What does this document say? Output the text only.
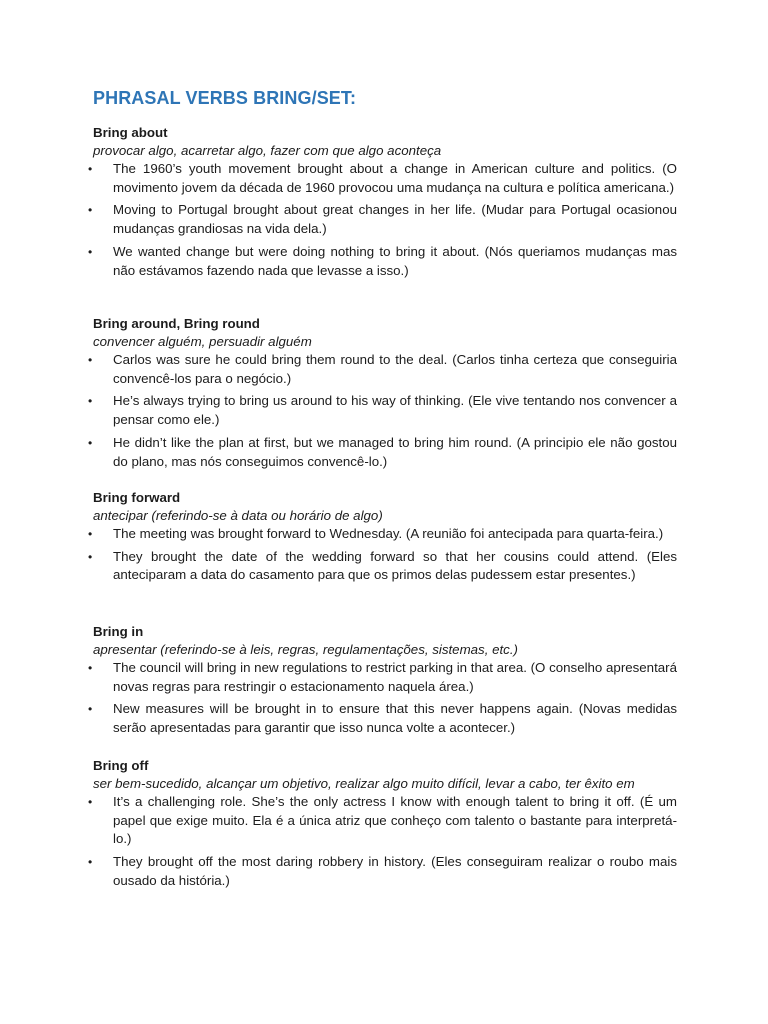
PHRASAL VERBS BRING/SET:

Bring about

provocar algo, acarretar algo, fazer com que algo aconteça

• The 1960’s youth movement brought about a change in American culture and politics. (O movimento jovem da década de 1960 provocou uma mudança na cultura e política americana.)
• Moving to Portugal brought about great changes in her life. (Mudar para Portugal ocasionou mudanças grandiosas na vida dela.)
• We wanted change but were doing nothing to bring it about. (Nós queriamos mudanças mas não estávamos fazendo nada que levasse a isso.)

Bring around, Bring round

convencer alguém, persuadir alguém

• Carlos was sure he could bring them round to the deal. (Carlos tinha certeza que conseguiria convencê-los para o negócio.)
• He’s always trying to bring us around to his way of thinking. (Ele vive tentando nos convencer a pensar como ele.)
• He didn’t like the plan at first, but we managed to bring him round. (A principio ele não gostou do plano, mas nós conseguimos convencê-lo.)

Bring forward

antecipar (referindo-se à data ou horário de algo)

• The meeting was brought forward to Wednesday. (A reunião foi antecipada para quarta-feira.)
• They brought the date of the wedding forward so that her cousins could attend. (Eles anteciparam a data do casamento para que os primos delas pudessem estar presentes.)

Bring in

apresentar (referindo-se à leis, regras, regulamentações, sistemas, etc.)

• The council will bring in new regulations to restrict parking in that area. (O conselho apresentará novas regras para restringir o estacionamento naquela área.)
• New measures will be brought in to ensure that this never happens again. (Novas medidas serão apresentadas para garantir que isso nunca volte a acontecer.)

Bring off

ser bem-sucedido, alcançar um objetivo, realizar algo muito difícil, levar a cabo, ter êxito em

• It’s a challenging role. She’s the only actress I know with enough talent to bring it off. (É um papel que exige muito. Ela é a única atriz que conheço com talento o bastante para interpretá-lo.)
• They brought off the most daring robbery in history. (Eles conseguiram realizar o roubo mais ousado da história.)
